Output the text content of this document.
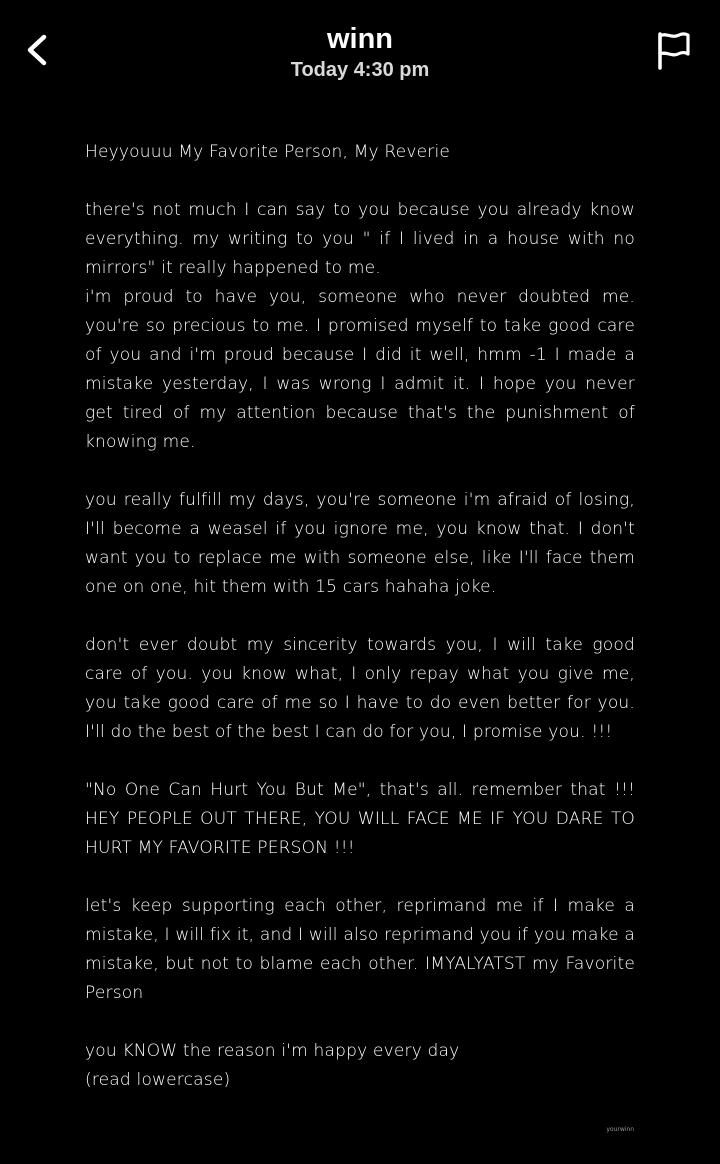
winn
Today 4:30 pm

Heyyouuu My Favorite Person, My Reverie

there's not much I can say to you because you already know everything. my writing to you " if I lived in a house with no mirrors" it really happened to me.

i'm proud to have you, someone who never doubted me. you're so precious to me. I promised myself to take good care of you and i'm proud because I did it well, hmm -1 I made a mistake yesterday, I was wrong I admit it. I hope you never get tired of my attention because that's the punishment of knowing me.

you really fulfill my days, you're someone i'm afraid of losing, I'll become a weasel if you ignore me, you know that. I don't want you to replace me with someone else, like I'll face them one on one, hit them with 15 cars hahaha joke.

don't ever doubt my sincerity towards you, I will take good care of you. you know what, I only repay what you give me, you take good care of me so I have to do even better for you. I'll do the best of the best I can do for you, I promise you. !!!

"No One Can Hurt You But Me", that's all. remember that !!! HEY PEOPLE OUT THERE, YOU WILL FACE ME IF YOU DARE TO HURT MY FAVORITE PERSON !!!

let's keep supporting each other, reprimand me if I make a mistake, I will fix it, and I will also reprimand you if you make a mistake, but not to blame each other. IMYALYATST my Favorite Person

you KNOW the reason i'm happy every day

(read lowercase)

yourwinn
